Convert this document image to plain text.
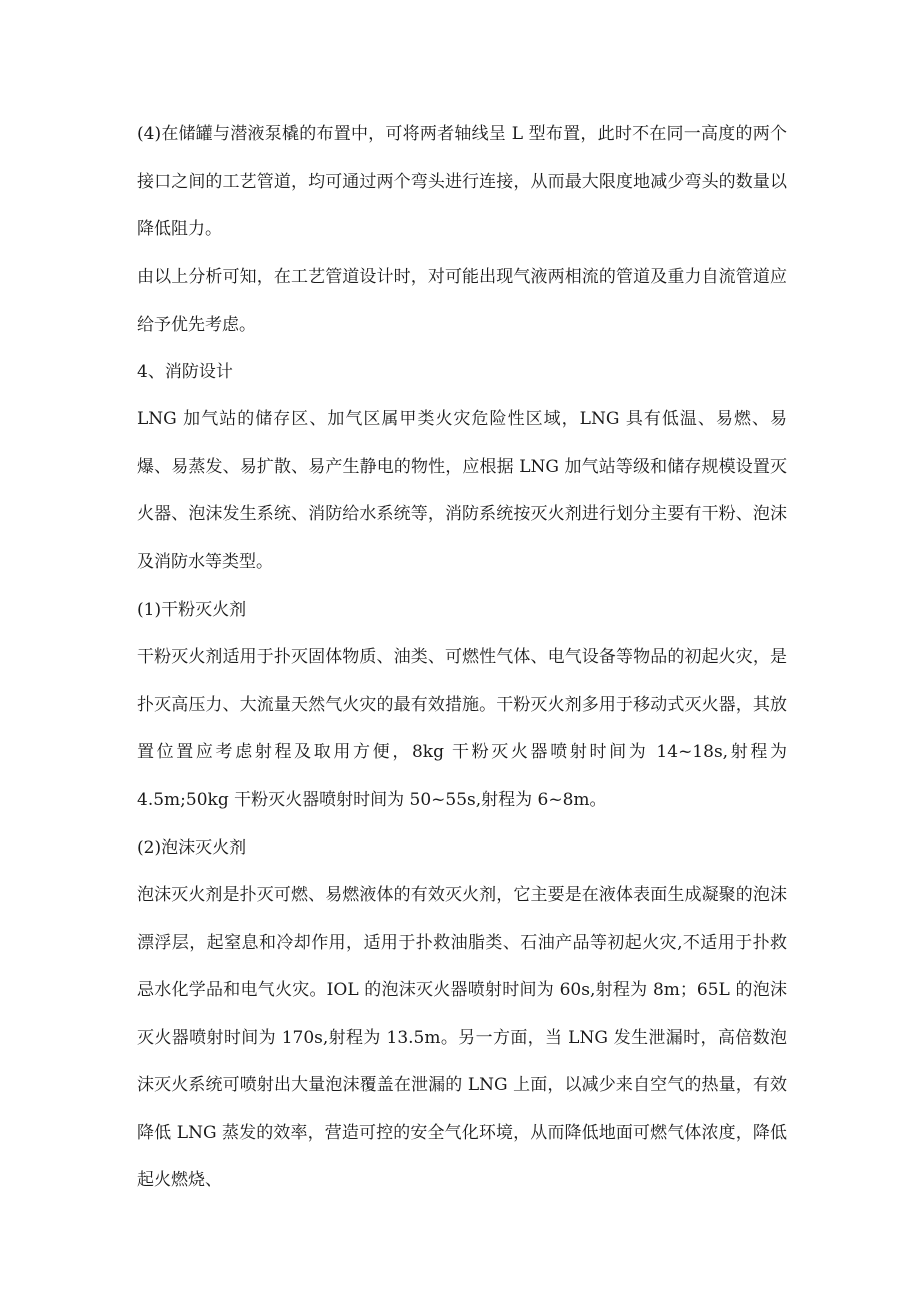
(4)在储罐与潜液泵橇的布置中，可将两者轴线呈 L 型布置，此时不在同一高度的两个接口之间的工艺管道，均可通过两个弯头进行连接，从而最大限度地减少弯头的数量以降低阻力。

由以上分析可知，在工艺管道设计时，对可能出现气液两相流的管道及重力自流管道应给予优先考虑。

4、消防设计

LNG 加气站的储存区、加气区属甲类火灾危险性区域，LNG 具有低温、易燃、易爆、易蒸发、易扩散、易产生静电的物性，应根据 LNG 加气站等级和储存规模设置灭火器、泡沫发生系统、消防给水系统等，消防系统按灭火剂进行划分主要有干粉、泡沫及消防水等类型。

(1)干粉灭火剂

干粉灭火剂适用于扑灭固体物质、油类、可燃性气体、电气设备等物品的初起火灾，是扑灭高压力、大流量天然气火灾的最有效措施。干粉灭火剂多用于移动式灭火器，其放置位置应考虑射程及取用方便，8kg 干粉灭火器喷射时间为 14~18s,射程为 4.5m;50kg 干粉灭火器喷射时间为 50~55s,射程为 6~8m。

(2)泡沫灭火剂

泡沫灭火剂是扑灭可燃、易燃液体的有效灭火剂，它主要是在液体表面生成凝聚的泡沫漂浮层，起窒息和冷却作用，适用于扑救油脂类、石油产品等初起火灾,不适用于扑救忌水化学品和电气火灾。IOL 的泡沫灭火器喷射时间为 60s,射程为 8m；65L 的泡沫灭火器喷射时间为 170s,射程为 13.5m。另一方面，当 LNG 发生泄漏时，高倍数泡沫灭火系统可喷射出大量泡沫覆盖在泄漏的 LNG 上面，以减少来自空气的热量，有效降低 LNG 蒸发的效率，营造可控的安全气化环境，从而降低地面可燃气体浓度，降低起火燃烧、
